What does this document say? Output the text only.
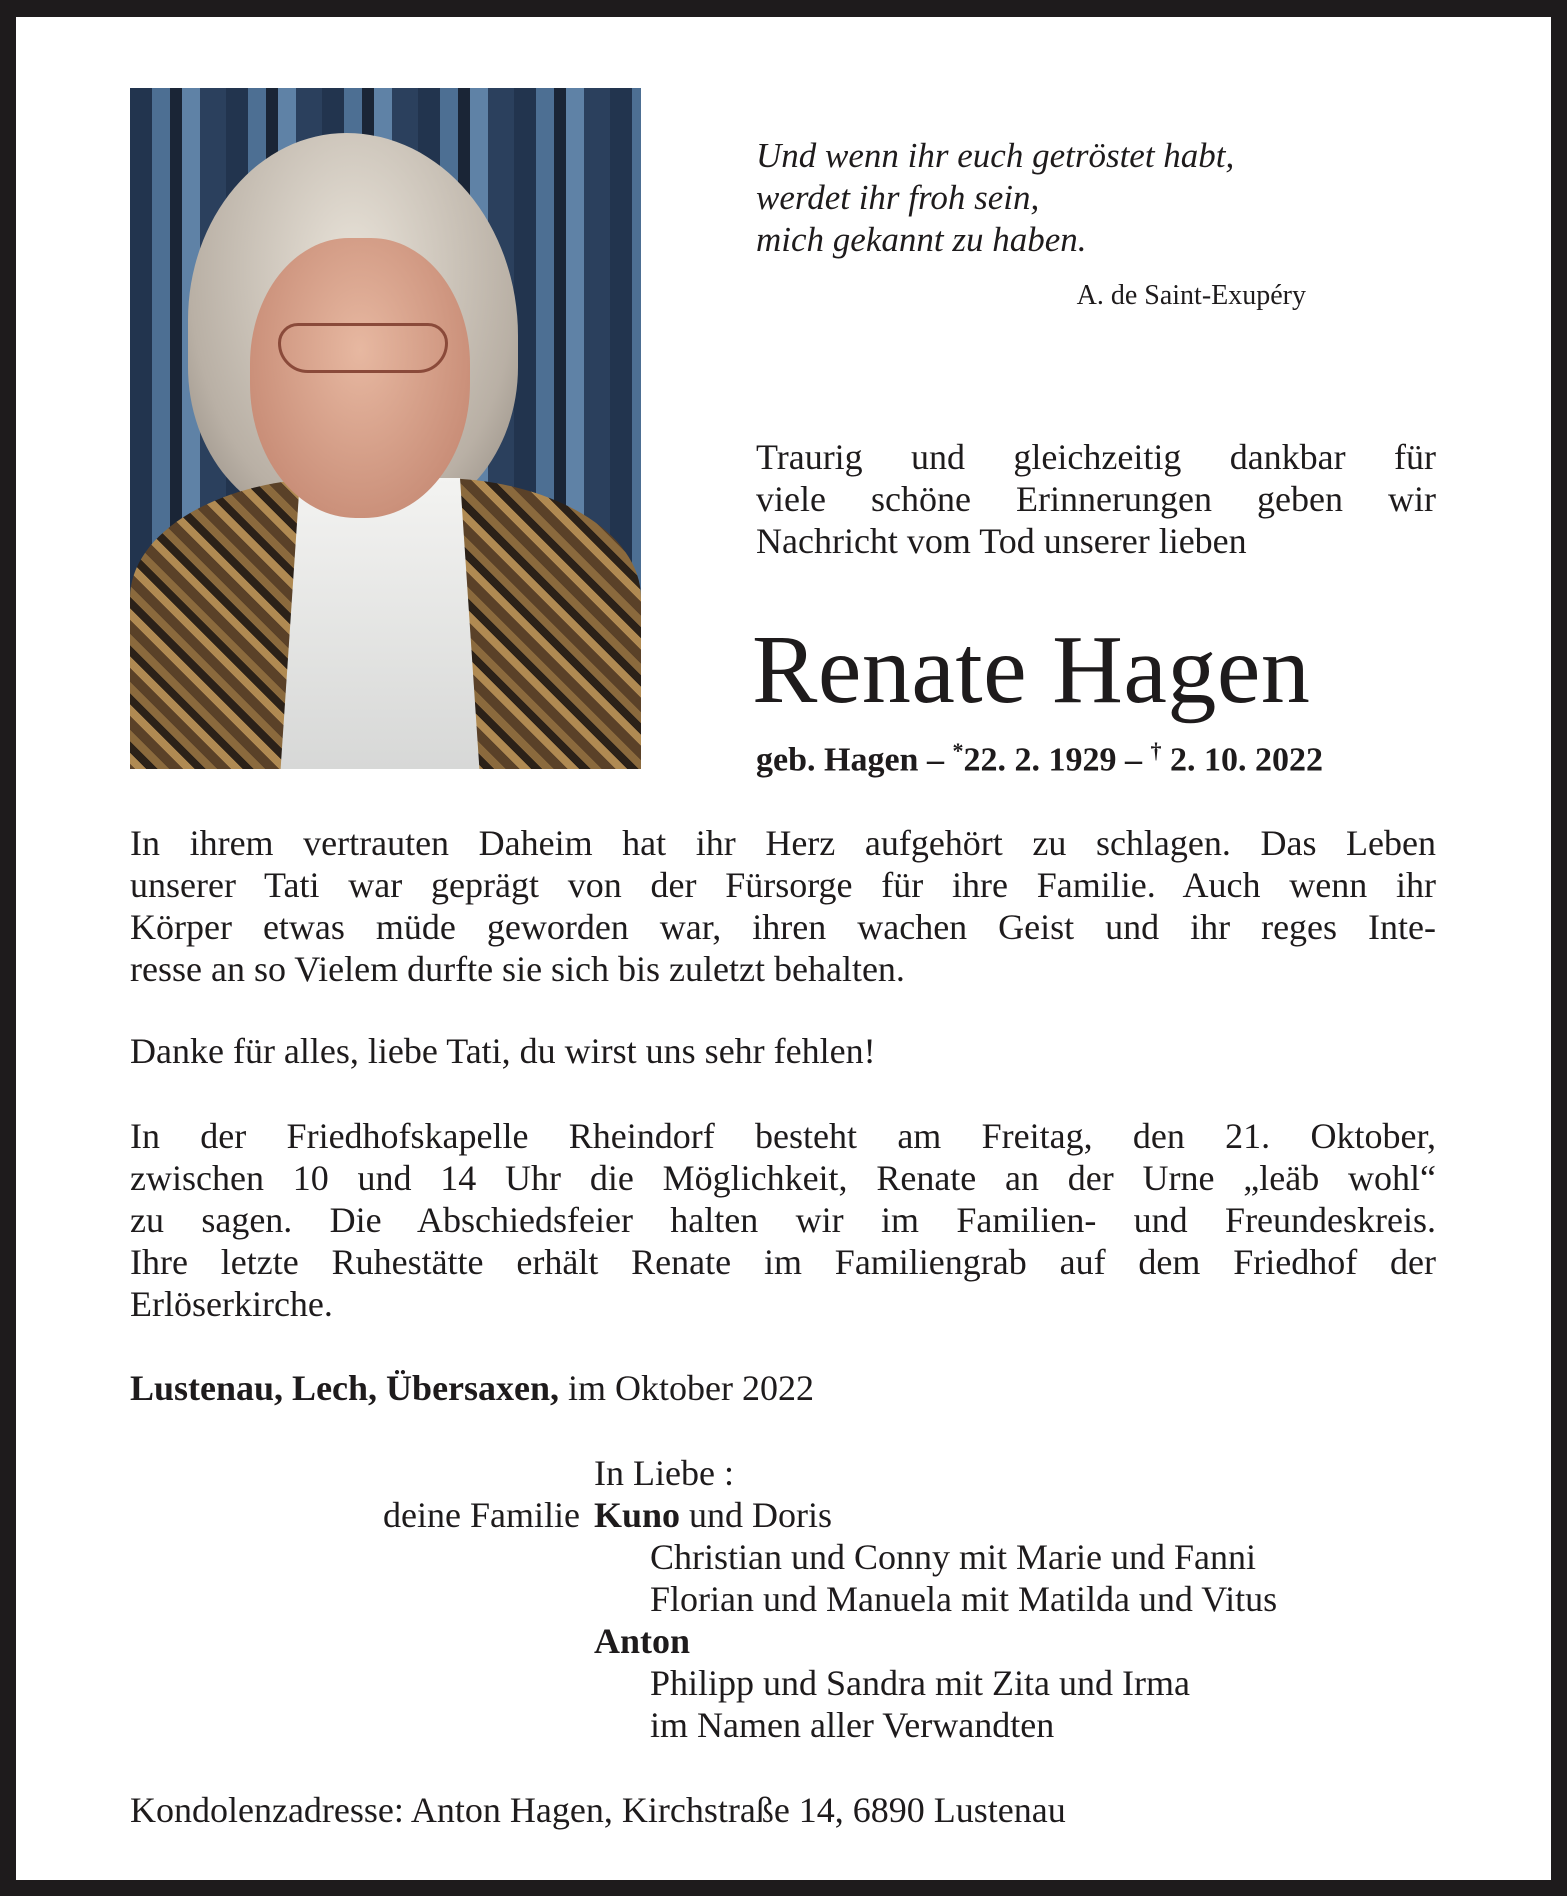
Und wenn ihr euch getröstet habt,
werdet ihr froh sein,
mich gekannt zu haben.
A. de Saint-Exupéry
Traurig und gleichzeitig dankbar für
viele schöne Erinnerungen geben wir
Nachricht vom Tod unserer lieben
Renate Hagen
geb. Hagen – *22. 2. 1929 – † 2. 10. 2022
In ihrem vertrauten Daheim hat ihr Herz aufgehört zu schlagen. Das Leben
unserer Tati war geprägt von der Fürsorge für ihre Familie. Auch wenn ihr
Körper etwas müde geworden war, ihren wachen Geist und ihr reges Inte-
resse an so Vielem durfte sie sich bis zuletzt behalten.
Danke für alles, liebe Tati, du wirst uns sehr fehlen!
In der Friedhofskapelle Rheindorf besteht am Freitag, den 21. Oktober,
zwischen 10 und 14 Uhr die Möglichkeit, Renate an der Urne „leäb wohl“
zu sagen. Die Abschiedsfeier halten wir im Familien- und Freundeskreis.
Ihre letzte Ruhestätte erhält Renate im Familiengrab auf dem Friedhof der
Erlöserkirche.
Lustenau, Lech, Übersaxen, im Oktober 2022
In Liebe :
deine Familie Kuno und Doris
Christian und Conny mit Marie und Fanni
Florian und Manuela mit Matilda und Vitus
Anton
Philipp und Sandra mit Zita und Irma
im Namen aller Verwandten
Kondolenzadresse: Anton Hagen, Kirchstraße 14, 6890 Lustenau
